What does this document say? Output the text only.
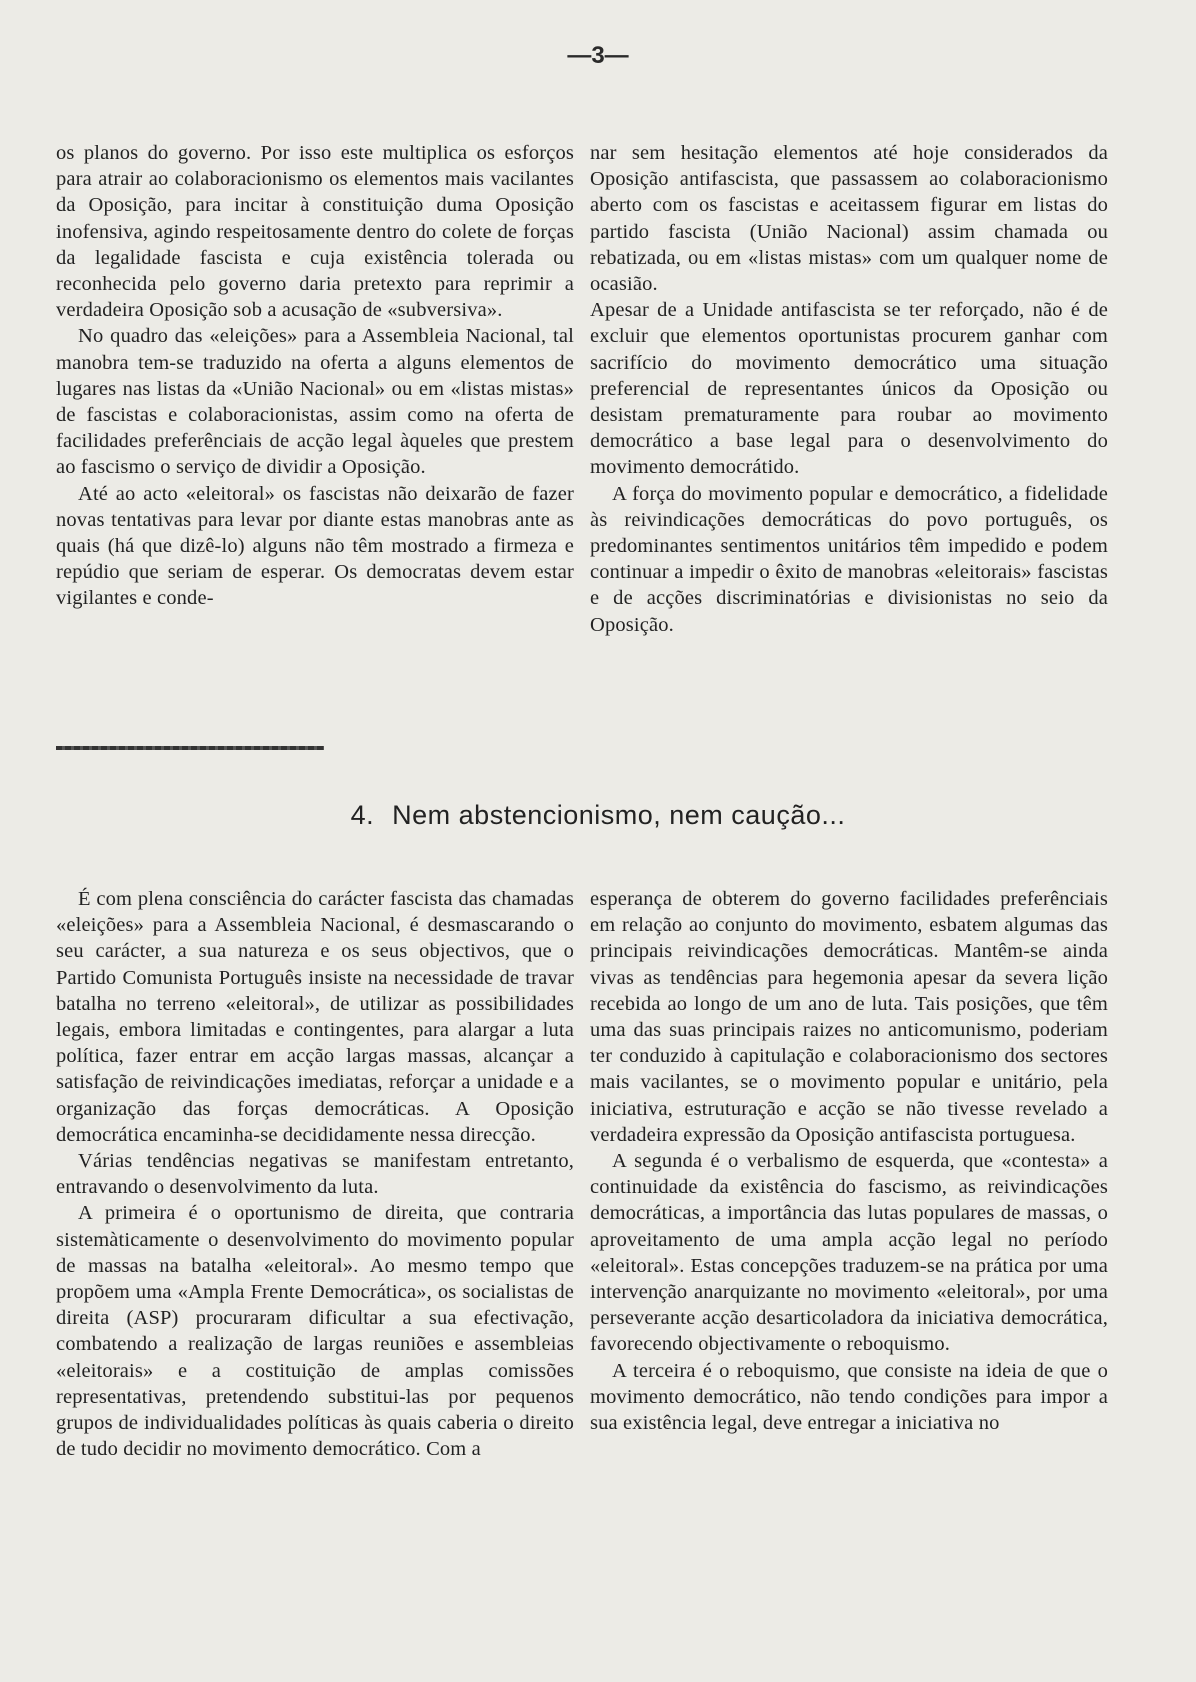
—3—

os planos do governo. Por isso este multiplica os esforços para atrair ao colaboracionismo os elementos mais vacilantes da Oposição, para incitar à constituição duma Oposição inofensiva, agindo respeitosamente dentro do colete de forças da legalidade fascista e cuja existência tolerada ou reconhecida pelo governo daria pretexto para reprimir a verdadeira Oposição sob a acusação de «subversiva».

No quadro das «eleições» para a Assembleia Nacional, tal manobra tem-se traduzido na oferta a alguns elementos de lugares nas listas da «União Nacional» ou em «listas mistas» de fascistas e colaboracionistas, assim como na oferta de facilidades preferênciais de acção legal àqueles que prestem ao fascismo o serviço de dividir a Oposição.

Até ao acto «eleitoral» os fascistas não deixarão de fazer novas tentativas para levar por diante estas manobras ante as quais (há que dizê-lo) alguns não têm mostrado a firmeza e repúdio que seriam de esperar. Os democratas devem estar vigilantes e conde-

nar sem hesitação elementos até hoje considerados da Oposição antifascista, que passassem ao colaboracionismo aberto com os fascistas e aceitassem figurar em listas do partido fascista (União Nacional) assim chamada ou rebatizada, ou em «listas mistas» com um qualquer nome de ocasião.

Apesar de a Unidade antifascista se ter reforçado, não é de excluir que elementos oportunistas procurem ganhar com sacrifício do movimento democrático uma situação preferencial de representantes únicos da Oposição ou desistam prematuramente para roubar ao movimento democrático a base legal para o desenvolvimento do movimento democrátido.

A força do movimento popular e democrático, a fidelidade às reivindicações democráticas do povo português, os predominantes sentimentos unitários têm impedido e podem continuar a impedir o êxito de manobras «eleitorais» fascistas e de acções discriminatórias e divisionistas no seio da Oposição.

4. Nem abstencionismo, nem caução...

É com plena consciência do carácter fascista das chamadas «eleições» para a Assembleia Nacional, é desmascarando o seu carácter, a sua natureza e os seus objectivos, que o Partido Comunista Português insiste na necessidade de travar batalha no terreno «eleitoral», de utilizar as possibilidades legais, embora limitadas e contingentes, para alargar a luta política, fazer entrar em acção largas massas, alcançar a satisfação de reivindicações imediatas, reforçar a unidade e a organização das forças democráticas. A Oposição democrática encaminha-se decididamente nessa direcção.

Várias tendências negativas se manifestam entretanto, entravando o desenvolvimento da luta.

A primeira é o oportunismo de direita, que contraria sistemàticamente o desenvolvimento do movimento popular de massas na batalha «eleitoral». Ao mesmo tempo que propõem uma «Ampla Frente Democrática», os socialistas de direita (ASP) procuraram dificultar a sua efectivação, combatendo a realização de largas reuniões e assembleias «eleitorais» e a costituição de amplas comissões representativas, pretendendo substitui-las por pequenos grupos de individualidades políticas às quais caberia o direito de tudo decidir no movimento democrático. Com a

esperança de obterem do governo facilidades preferênciais em relação ao conjunto do movimento, esbatem algumas das principais reivindicações democráticas. Mantêm-se ainda vivas as tendências para hegemonia apesar da severa lição recebida ao longo de um ano de luta. Tais posições, que têm uma das suas principais raizes no anticomunismo, poderiam ter conduzido à capitulação e colaboracionismo dos sectores mais vacilantes, se o movimento popular e unitário, pela iniciativa, estruturação e acção se não tivesse revelado a verdadeira expressão da Oposição antifascista portuguesa.

A segunda é o verbalismo de esquerda, que «contesta» a continuidade da existência do fascismo, as reivindicações democráticas, a importância das lutas populares de massas, o aproveitamento de uma ampla acção legal no período «eleitoral». Estas concepções traduzem-se na prática por uma intervenção anarquizante no movimento «eleitoral», por uma perseverante acção desarticoladora da iniciativa democrática, favorecendo objectivamente o reboquismo.

A terceira é o reboquismo, que consiste na ideia de que o movimento democrático, não tendo condições para impor a sua existência legal, deve entregar a iniciativa no
